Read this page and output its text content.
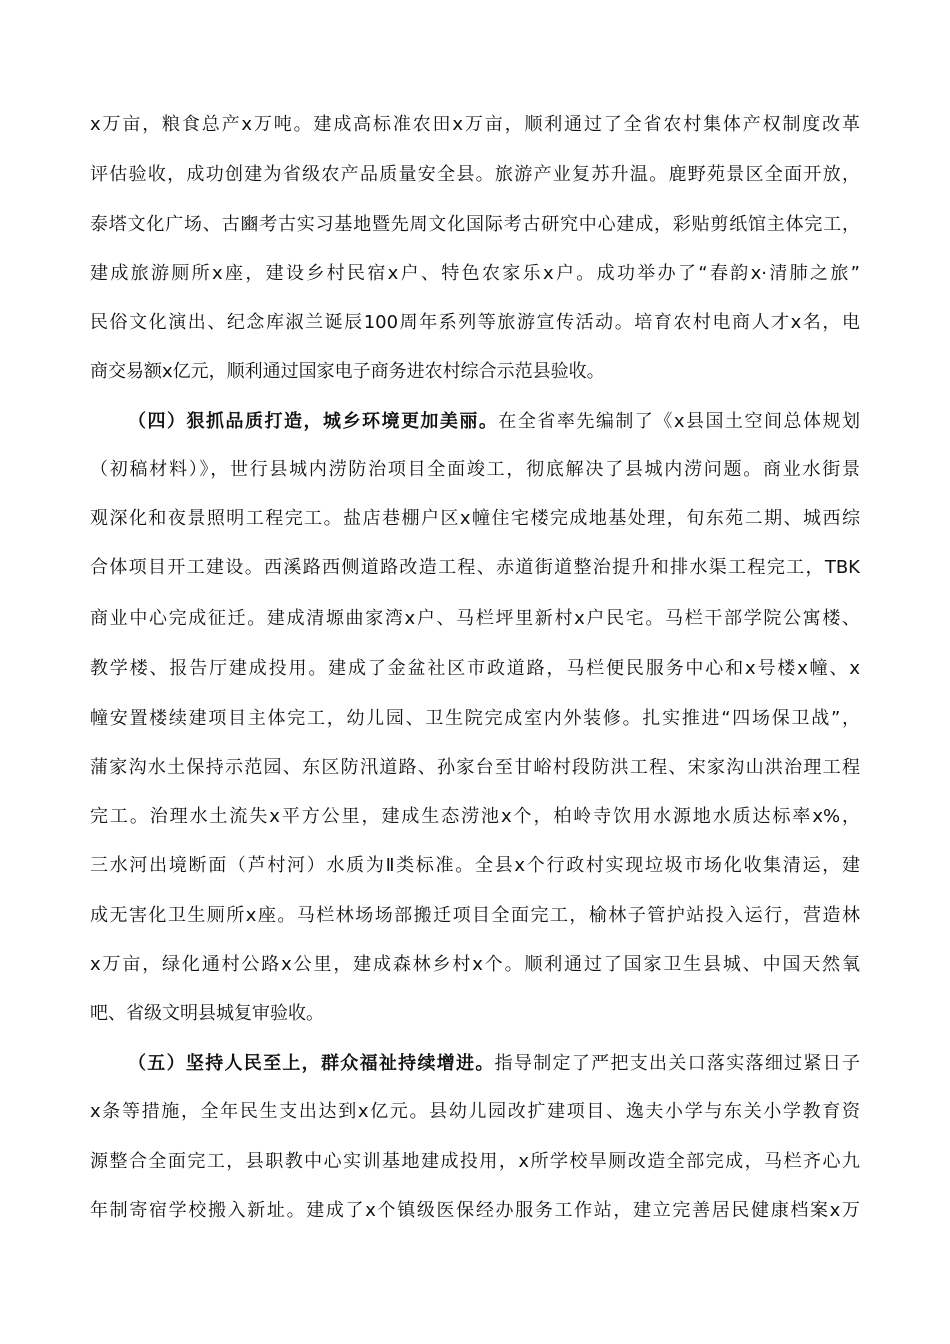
x万亩，粮食总产x万吨。建成高标准农田x万亩，顺利通过了全省农村集体产权制度改革
评估验收，成功创建为省级农产品质量安全县。旅游产业复苏升温。鹿野苑景区全面开放，
泰塔文化广场、古豳考古实习基地暨先周文化国际考古研究中心建成，彩贴剪纸馆主体完工，
建成旅游厕所x座，建设乡村民宿x户、特色农家乐x户。成功举办了“春韵x·清肺之旅”
民俗文化演出、纪念库淑兰诞辰100周年系列等旅游宣传活动。培育农村电商人才x名，电
商交易额x亿元，顺利通过国家电子商务进农村综合示范县验收。
（四）狠抓品质打造，城乡环境更加美丽。在全省率先编制了《x县国土空间总体规划
（初稿材料）》，世行县城内涝防治项目全面竣工，彻底解决了县城内涝问题。商业水街景
观深化和夜景照明工程完工。盐店巷棚户区x幢住宅楼完成地基处理，旬东苑二期、城西综
合体项目开工建设。西溪路西侧道路改造工程、赤道街道整治提升和排水渠工程完工，TBK
商业中心完成征迁。建成清塬曲家湾x户、马栏坪里新村x户民宅。马栏干部学院公寓楼、
教学楼、报告厅建成投用。建成了金盆社区市政道路，马栏便民服务中心和x号楼x幢、x
幢安置楼续建项目主体完工，幼儿园、卫生院完成室内外装修。扎实推进“四场保卫战”，
蒲家沟水土保持示范园、东区防汛道路、孙家台至甘峪村段防洪工程、宋家沟山洪治理工程
完工。治理水土流失x平方公里，建成生态涝池x个，柏岭寺饮用水源地水质达标率x%，
三水河出境断面（芦村河）水质为Ⅱ类标准。全县x个行政村实现垃圾市场化收集清运，建
成无害化卫生厕所x座。马栏林场场部搬迁项目全面完工，榆林子管护站投入运行，营造林
x万亩，绿化通村公路x公里，建成森林乡村x个。顺利通过了国家卫生县城、中国天然氧
吧、省级文明县城复审验收。
（五）坚持人民至上，群众福祉持续增进。指导制定了严把支出关口落实落细过紧日子
x条等措施，全年民生支出达到x亿元。县幼儿园改扩建项目、逸夫小学与东关小学教育资
源整合全面完工，县职教中心实训基地建成投用，x所学校旱厕改造全部完成，马栏齐心九
年制寄宿学校搬入新址。建成了x个镇级医保经办服务工作站，建立完善居民健康档案x万
